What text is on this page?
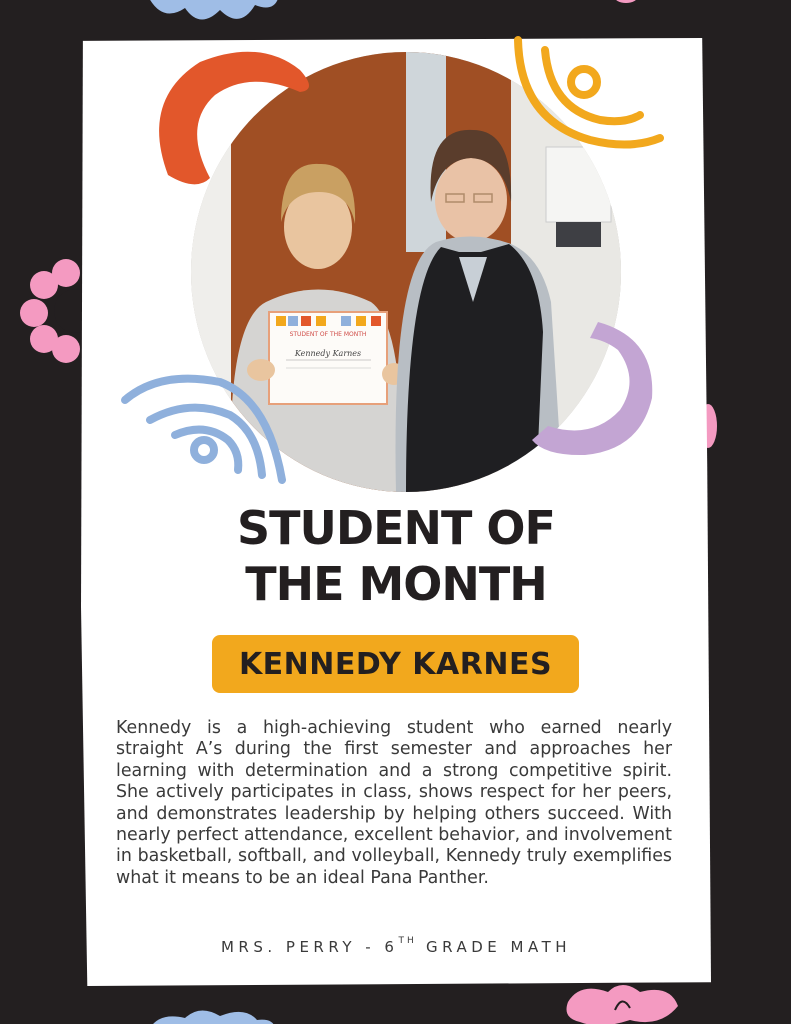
STUDENT OF THE MONTH
Kennedy Karnes
STUDENT OF
THE MONTH
KENNEDY KARNES

Kennedy is a high-achieving student who earned nearly straight A’s during the first semester and approaches her learning with determination and a strong competitive spirit. She actively participates in class, shows respect for her peers, and demonstrates leadership by helping others succeed. With nearly perfect attendance, excellent behavior, and involvement in basketball, softball, and volleyball, Kennedy truly exemplifies what it means to be an ideal Pana Panther.

MRS. PERRY - 6TH GRADE MATH
